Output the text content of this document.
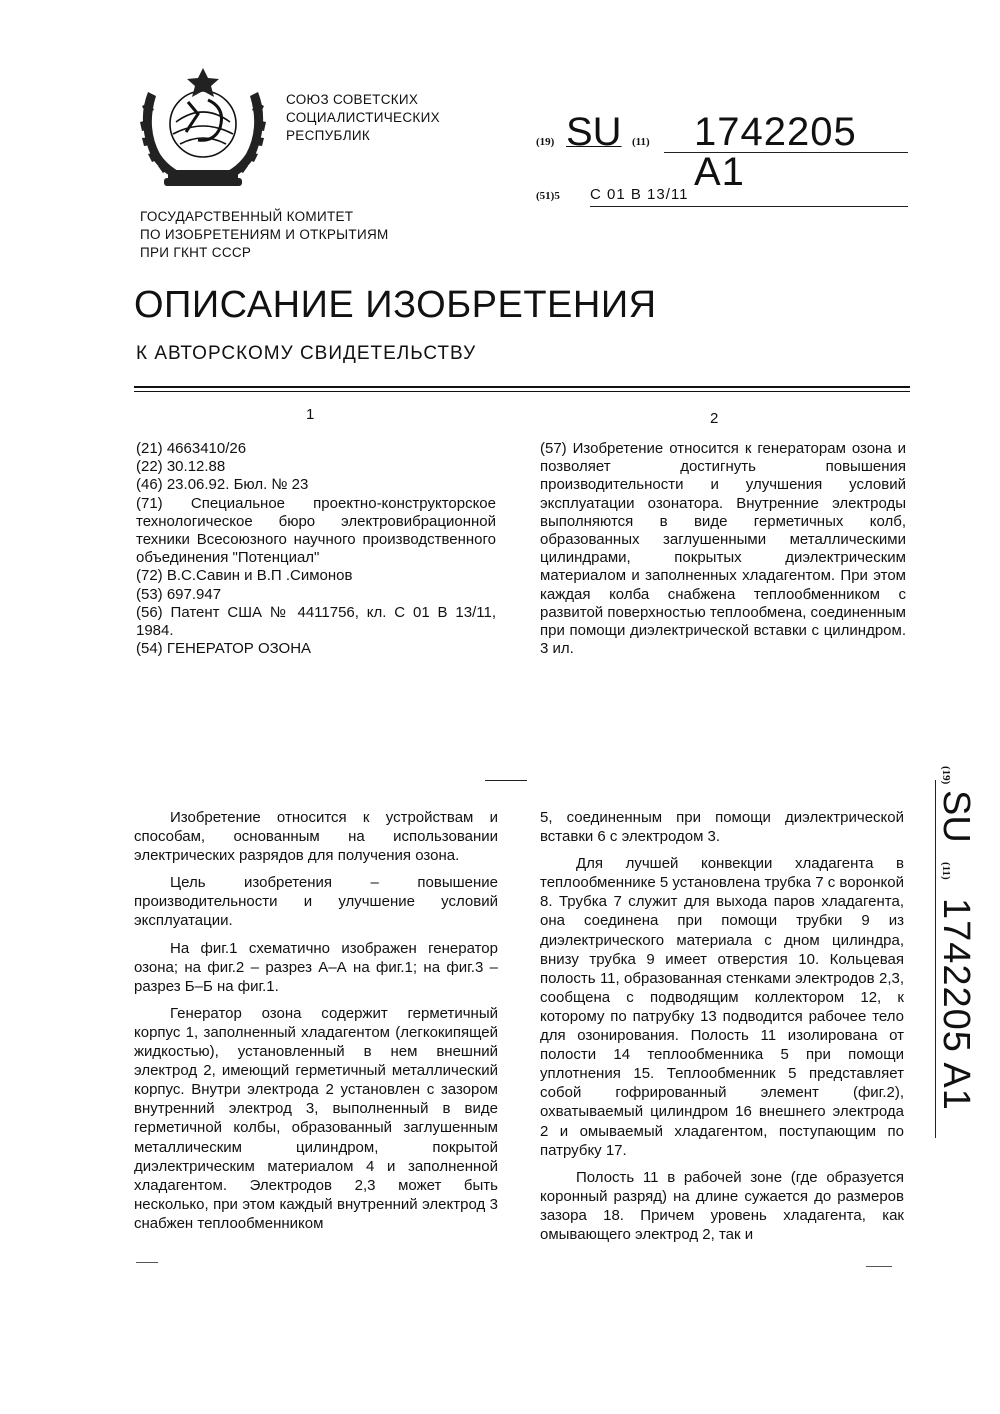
СОЮЗ СОВЕТСКИХ
СОЦИАЛИСТИЧЕСКИХ
РЕСПУБЛИК	(19) SU (11) 1742205 A1
(51)5 C 01 B 13/11
ГОСУДАРСТВЕННЫЙ КОМИТЕТ
ПО ИЗОБРЕТЕНИЯМ И ОТКРЫТИЯМ
ПРИ ГКНТ СССР
ОПИСАНИЕ ИЗОБРЕТЕНИЯ
К АВТОРСКОМУ СВИДЕТЕЛЬСТВУ
1	2
(21) 4663410/26
(22) 30.12.88
(46) 23.06.92. Бюл. № 23
(71) Специальное проектно-конструкторское технологическое бюро электровибрационной техники Всесоюзного научного производственного объединения "Потенциал"
(72) В.С.Савин и В.П .Симонов
(53) 697.947
(56) Патент США № 4411756, кл. С 01 В 13/11, 1984.
(54) ГЕНЕРАТОР ОЗОНА
(57) Изобретение относится к генераторам озона и позволяет достигнуть повышения производительности и улучшения условий эксплуатации озонатора. Внутренние электроды выполняются в виде герметичных колб, образованных заглушенными металлическими цилиндрами, покрытых диэлектрическим материалом и заполненных хладагентом. При этом каждая колба снабжена теплообменником с развитой поверхностью теплообмена, соединенным при помощи диэлектрической вставки с цилиндром. 3 ил.

Изобретение относится к устройствам и способам, основанным на использовании электрических разрядов для получения озона.

Цель изобретения – повышение производительности и улучшение условий эксплуатации.

На фиг.1 схематично изображен генератор озона; на фиг.2 – разрез А–А на фиг.1; на фиг.3 – разрез Б–Б на фиг.1.

Генератор озона содержит герметичный корпус 1, заполненный хладагентом (легкокипящей жидкостью), установленный в нем внешний электрод 2, имеющий герметичный металлический корпус. Внутри электрода 2 установлен с зазором внутренний электрод 3, выполненный в виде герметичной колбы, образованный заглушенным металлическим цилиндром, покрытой диэлектрическим материалом 4 и заполненной хладагентом. Электродов 2,3 может быть несколько, при этом каждый внутренний электрод 3 снабжен теплообменником

5, соединенным при помощи диэлектрической вставки 6 с электродом 3.

Для лучшей конвекции хладагента в теплообменнике 5 установлена трубка 7 с воронкой 8. Трубка 7 служит для выхода паров хладагента, она соединена при помощи трубки 9 из диэлектрического материала с дном цилиндра, внизу трубка 9 имеет отверстия 10. Кольцевая полость 11, образованная стенками электродов 2,3, сообщена с подводящим коллектором 12, к которому по патрубку 13 подводится рабочее тело для озонирования. Полость 11 изолирована от полости 14 теплообменника 5 при помощи уплотнения 15. Теплообменник 5 представляет собой гофрированный элемент (фиг.2), охватываемый цилиндром 16 внешнего электрода 2 и омываемый хладагентом, поступающим по патрубку 17.

Полость 11 в рабочей зоне (где образуется коронный разряд) на длине сужается до размеров зазора 18. Причем уровень хладагента, как омывающего электрод 2, так и

(19)
SU
(11)
1742205 A1
